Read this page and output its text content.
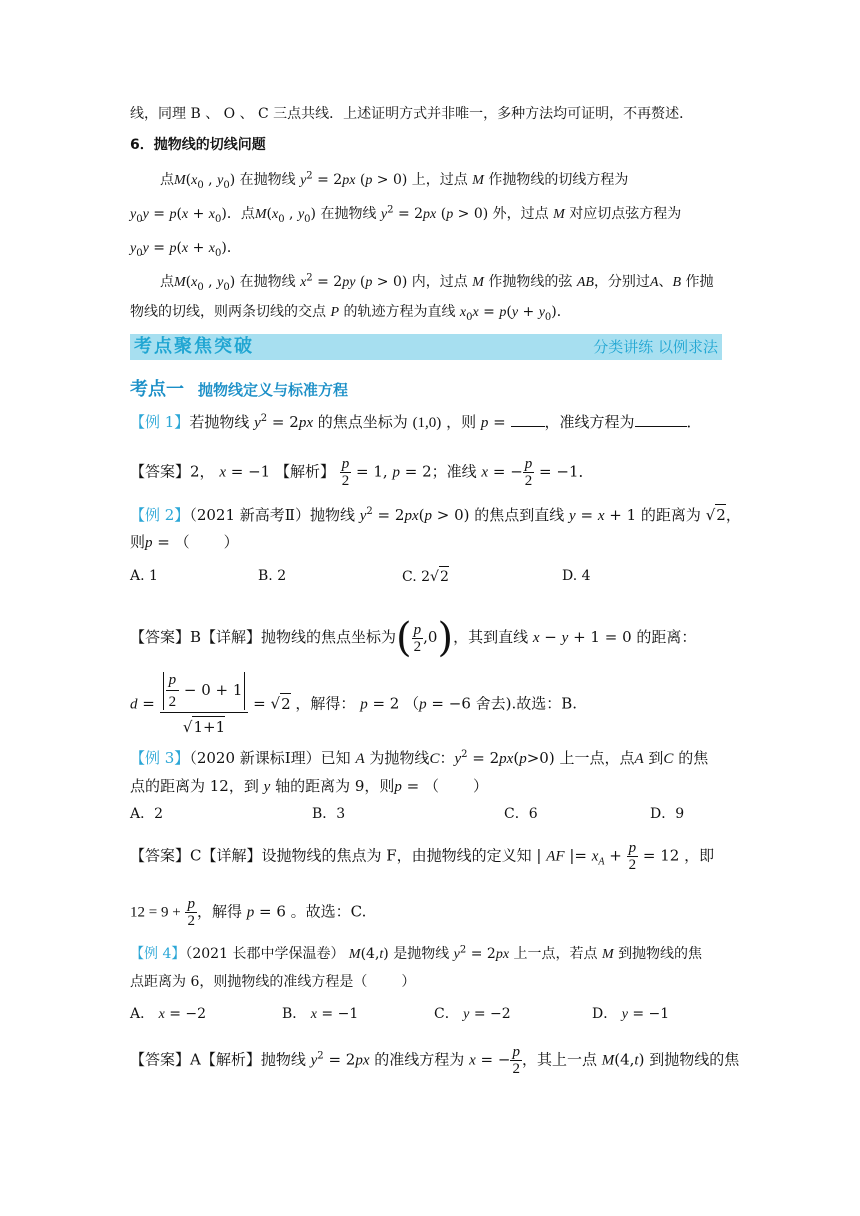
线，同理 B 、 O 、 C 三点共线．上述证明方式并非唯一，多种方法均可证明，不再赘述．
6．抛物线的切线问题
点$M(x_0$ , $y_0$) 在抛物线 $y^2 = 2px$ (p > 0) 上，过点 M 作抛物线的切线方程为
$y_0y = p(x + x_0)$．点$M(x_0$ , $y_0$) 在抛物线 $y^2 = 2px$ (p > 0) 外，过点 M 对应切点弦方程为
$y_0y = p(x + x_0)$．
点$M(x_0$ , $y_0$) 在抛物线 $x^2 = 2py$ (p > 0) 内，过点 M 作抛物线的弦 AB，分别过A、B 作抛
物线的切线，则两条切线的交点 P 的轨迹方程为直线 $x_0x = p(y + y_0)$．
考点聚焦突破	分类讲练 以例求法
考点一 抛物线定义与标准方程
【例 1】若抛物线 $y^2 = 2px$ 的焦点坐标为 (1,0) ，则 p = ，准线方程为	．
【答案】2， x = −1 【解析】 $\frac{p}{2} = 1$, p = 2；准线 x = − $\frac{p}{2} = -1$．
【例 2】（2021 新高考Ⅱ）抛物线 $y^2 = 2px(p > 0)$ 的焦点到直线 y = x + 1 的距离为 √2，
则p = （ ）
A. 1	B. 2	C. 2√2	D. 4
【答案】B【详解】抛物线的焦点坐标为( $\frac{p}{2} ,0$)，其到直线 x − y + 1 = 0 的距离：
$d = \frac{\frac{p}{2} - 0 + 1}{√1+1} = √2$ ，解得： p = 2 （p = −6 舍去).故选：B.
【例 3】（2020 新课标Ⅰ理）已知 A 为抛物线C：$y^2 = 2px(p>0)$ 上一点，点A 到C 的焦
点的距离为 12，到 y 轴的距离为 9，则p = （ ）
A．2	B．3	C．6	D．9
【答案】C【详解】设抛物线的焦点为 F，由抛物线的定义知 | AF |= $x_A + \frac{p}{2} = 12$ ，即
$12 = 9 + \frac{p}{2}$ ，解得 p = 6 。故选：C.
【例 4】（2021 长郡中学保温卷） M(4,t) 是抛物线 $y^2 = 2px$ 上一点，若点 M 到抛物线的焦
点距离为 6，则抛物线的准线方程是（ ）
A． x = −2	B． x = −1	C． y = −2	D． y = −1
【答案】A【解析】抛物线 $y^2 = 2px$ 的准线方程为 x = − $\frac{p}{2}$ ，其上一点 M(4,t) 到抛物线的焦
